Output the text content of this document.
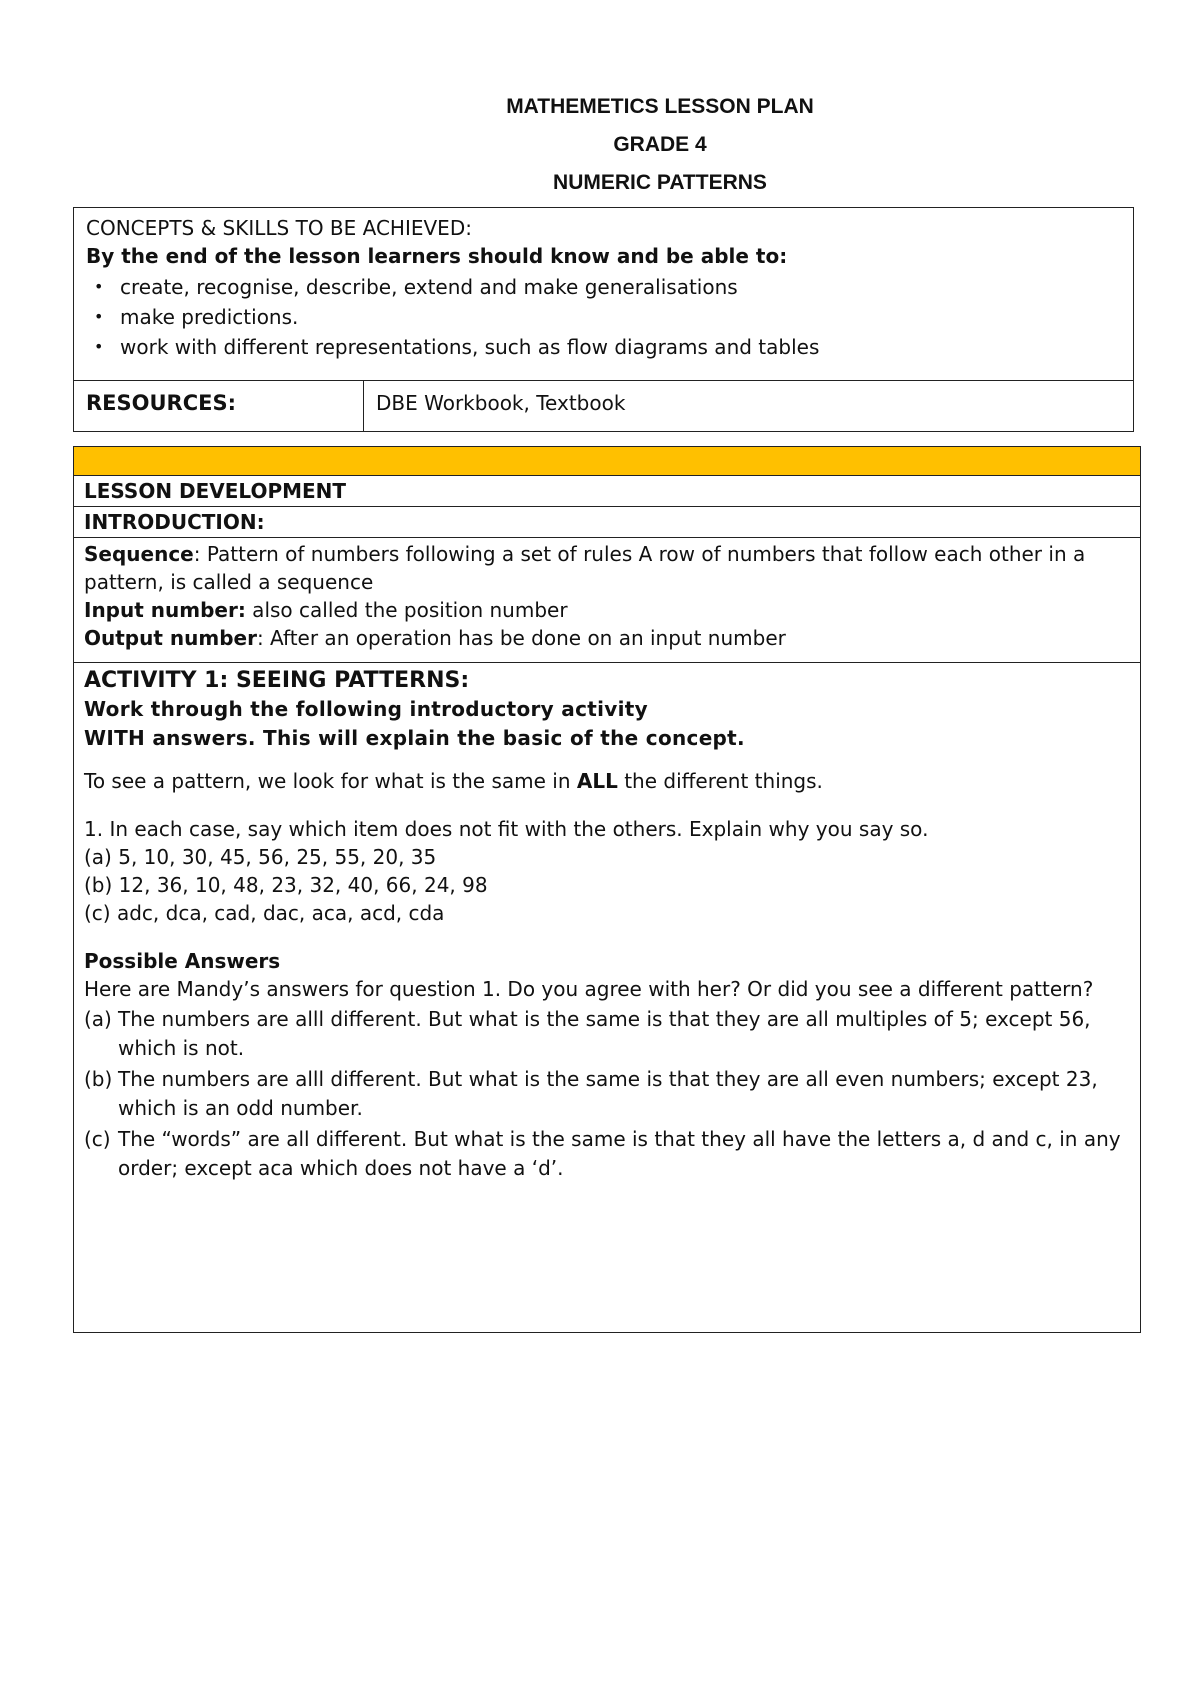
MATHEMETICS LESSON PLAN
GRADE 4
NUMERIC PATTERNS
CONCEPTS & SKILLS TO BE ACHIEVED:
By the end of the lesson learners should know and be able to:
• create, recognise, describe, extend and make generalisations
• make predictions.
• work with different representations, such as flow diagrams and tables

RESOURCES:	DBE Workbook, Textbook

LESSON DEVELOPMENT
INTRODUCTION:

Sequence: Pattern of numbers following a set of rules A row of numbers that follow each other in a pattern, is called a sequence
Input number: also called the position number
Output number: After an operation has be done on an input number

ACTIVITY 1: SEEING PATTERNS:
Work through the following introductory activity
WITH answers. This will explain the basic of the concept.
To see a pattern, we look for what is the same in ALL the different things.
1. In each case, say which item does not fit with the others. Explain why you say so.
(a) 5, 10, 30, 45, 56, 25, 55, 20, 35
(b) 12, 36, 10, 48, 23, 32, 40, 66, 24, 98
(c) adc, dca, cad, dac, aca, acd, cda
Possible Answers
Here are Mandy’s answers for question 1. Do you agree with her? Or did you see a different pattern?
(a) The numbers are alll different. But what is the same is that they are all multiples of 5; except 56, which is not.
(b) The numbers are alll different. But what is the same is that they are all even numbers; except 23, which is an odd number.
(c) The “words” are all different. But what is the same is that they all have the letters a, d and c, in any order; except aca which does not have a ‘d’.
